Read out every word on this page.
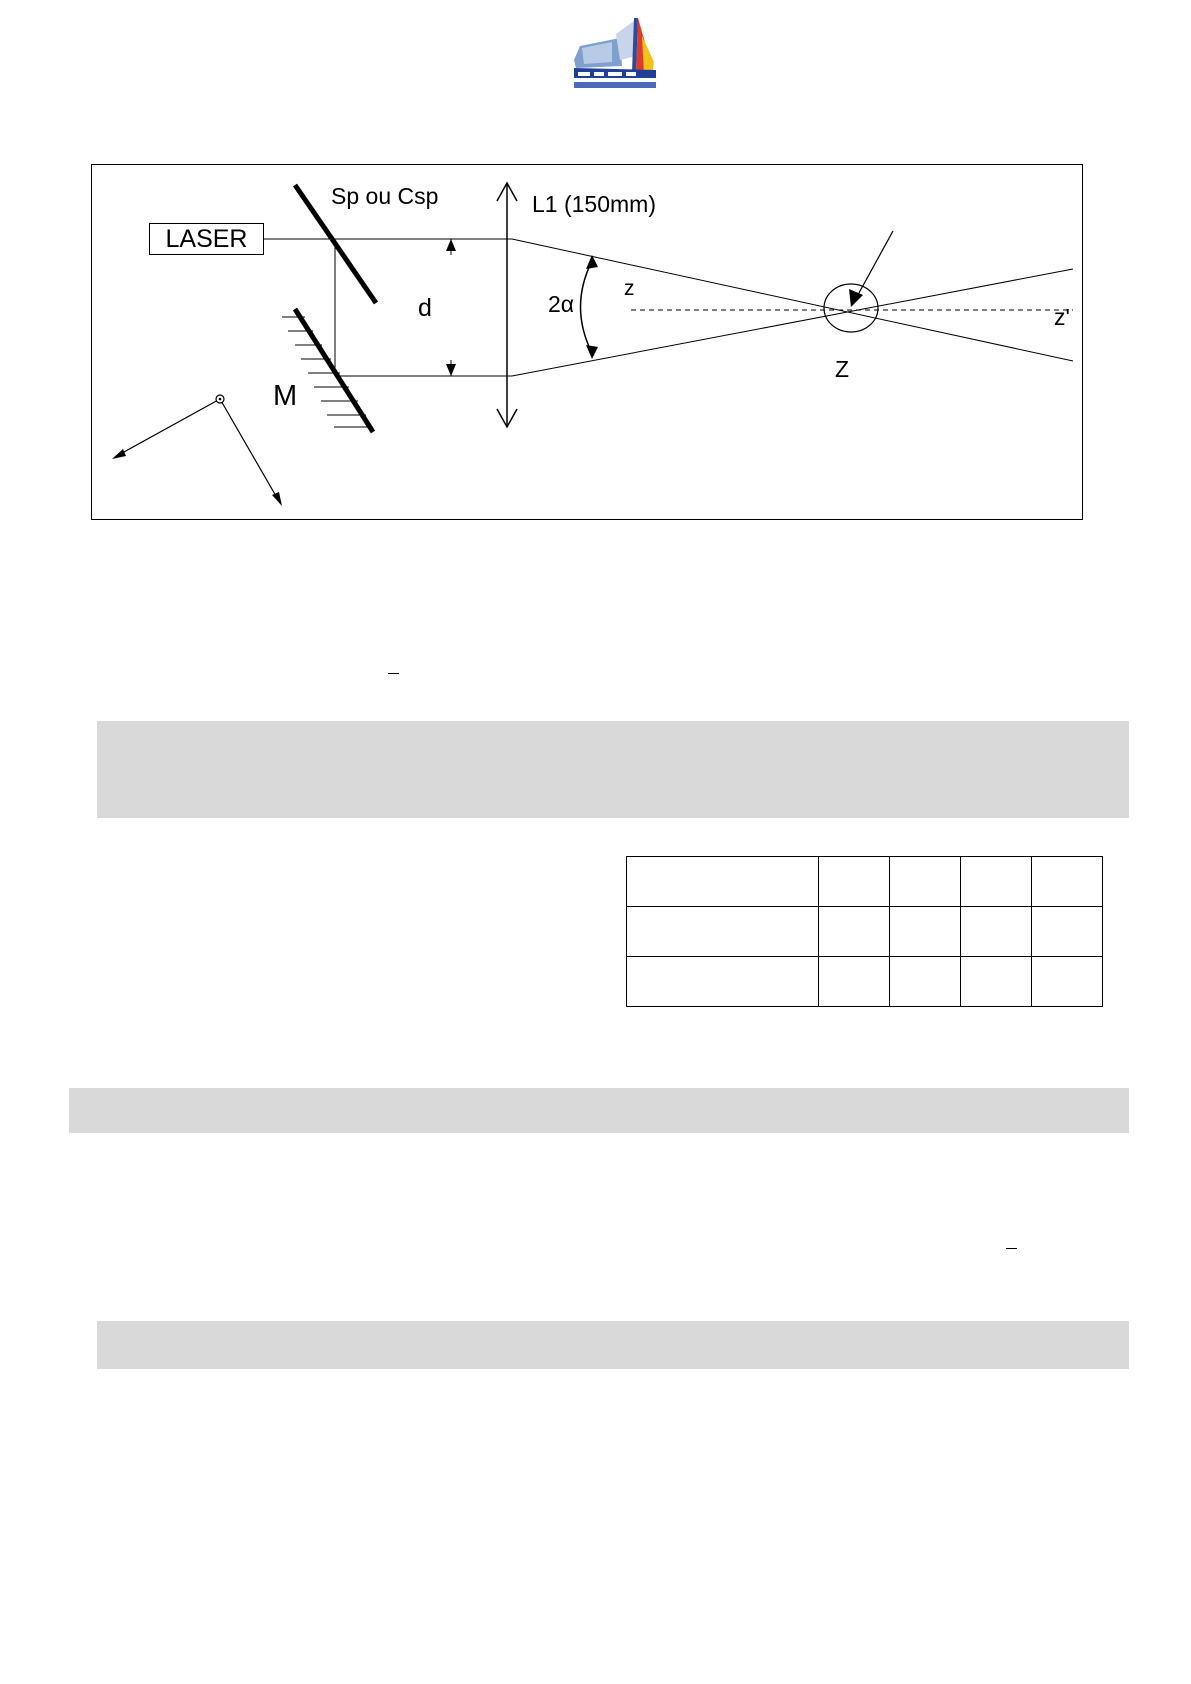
Sp ou Csp	L1 (150mm)
d
M
2α
z
z'
Z
LASER
